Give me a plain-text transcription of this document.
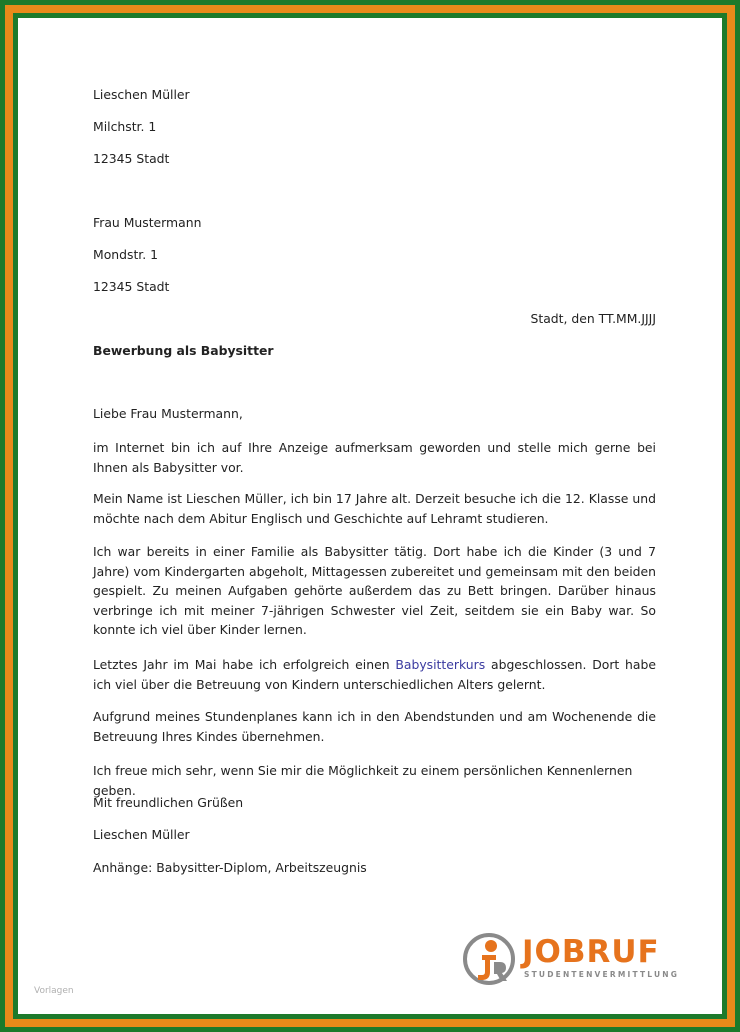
Lieschen Müller
Milchstr. 1
12345 Stadt
Frau Mustermann
Mondstr. 1
12345 Stadt
Stadt, den TT.MM.JJJJ
Bewerbung als Babysitter
Liebe Frau Mustermann,
im Internet bin ich auf Ihre Anzeige aufmerksam geworden und stelle mich gerne bei Ihnen als Babysitter vor.
Mein Name ist Lieschen Müller, ich bin 17 Jahre alt. Derzeit besuche ich die 12. Klasse und möchte nach dem Abitur Englisch und Geschichte auf Lehramt studieren.
Ich war bereits in einer Familie als Babysitter tätig. Dort habe ich die Kinder (3 und 7 Jahre) vom Kindergarten abgeholt, Mittagessen zubereitet und gemeinsam mit den beiden gespielt. Zu meinen Aufgaben gehörte außerdem das zu Bett bringen. Darüber hinaus verbringe ich mit meiner 7-jährigen Schwester viel Zeit, seitdem sie ein Baby war. So konnte ich viel über Kinder lernen.
Letztes Jahr im Mai habe ich erfolgreich einen Babysitterkurs abgeschlossen. Dort habe ich viel über die Betreuung von Kindern unterschiedlichen Alters gelernt.
Aufgrund meines Stundenplanes kann ich in den Abendstunden und am Wochenende die Betreuung Ihres Kindes übernehmen.
Ich freue mich sehr, wenn Sie mir die Möglichkeit zu einem persönlichen Kennenlernen geben.
Mit freundlichen Grüßen
Lieschen Müller
Anhänge: Babysitter-Diplom, Arbeitszeugnis
Vorlagen
JOBRUF
STUDENTENVERMITTLUNG
